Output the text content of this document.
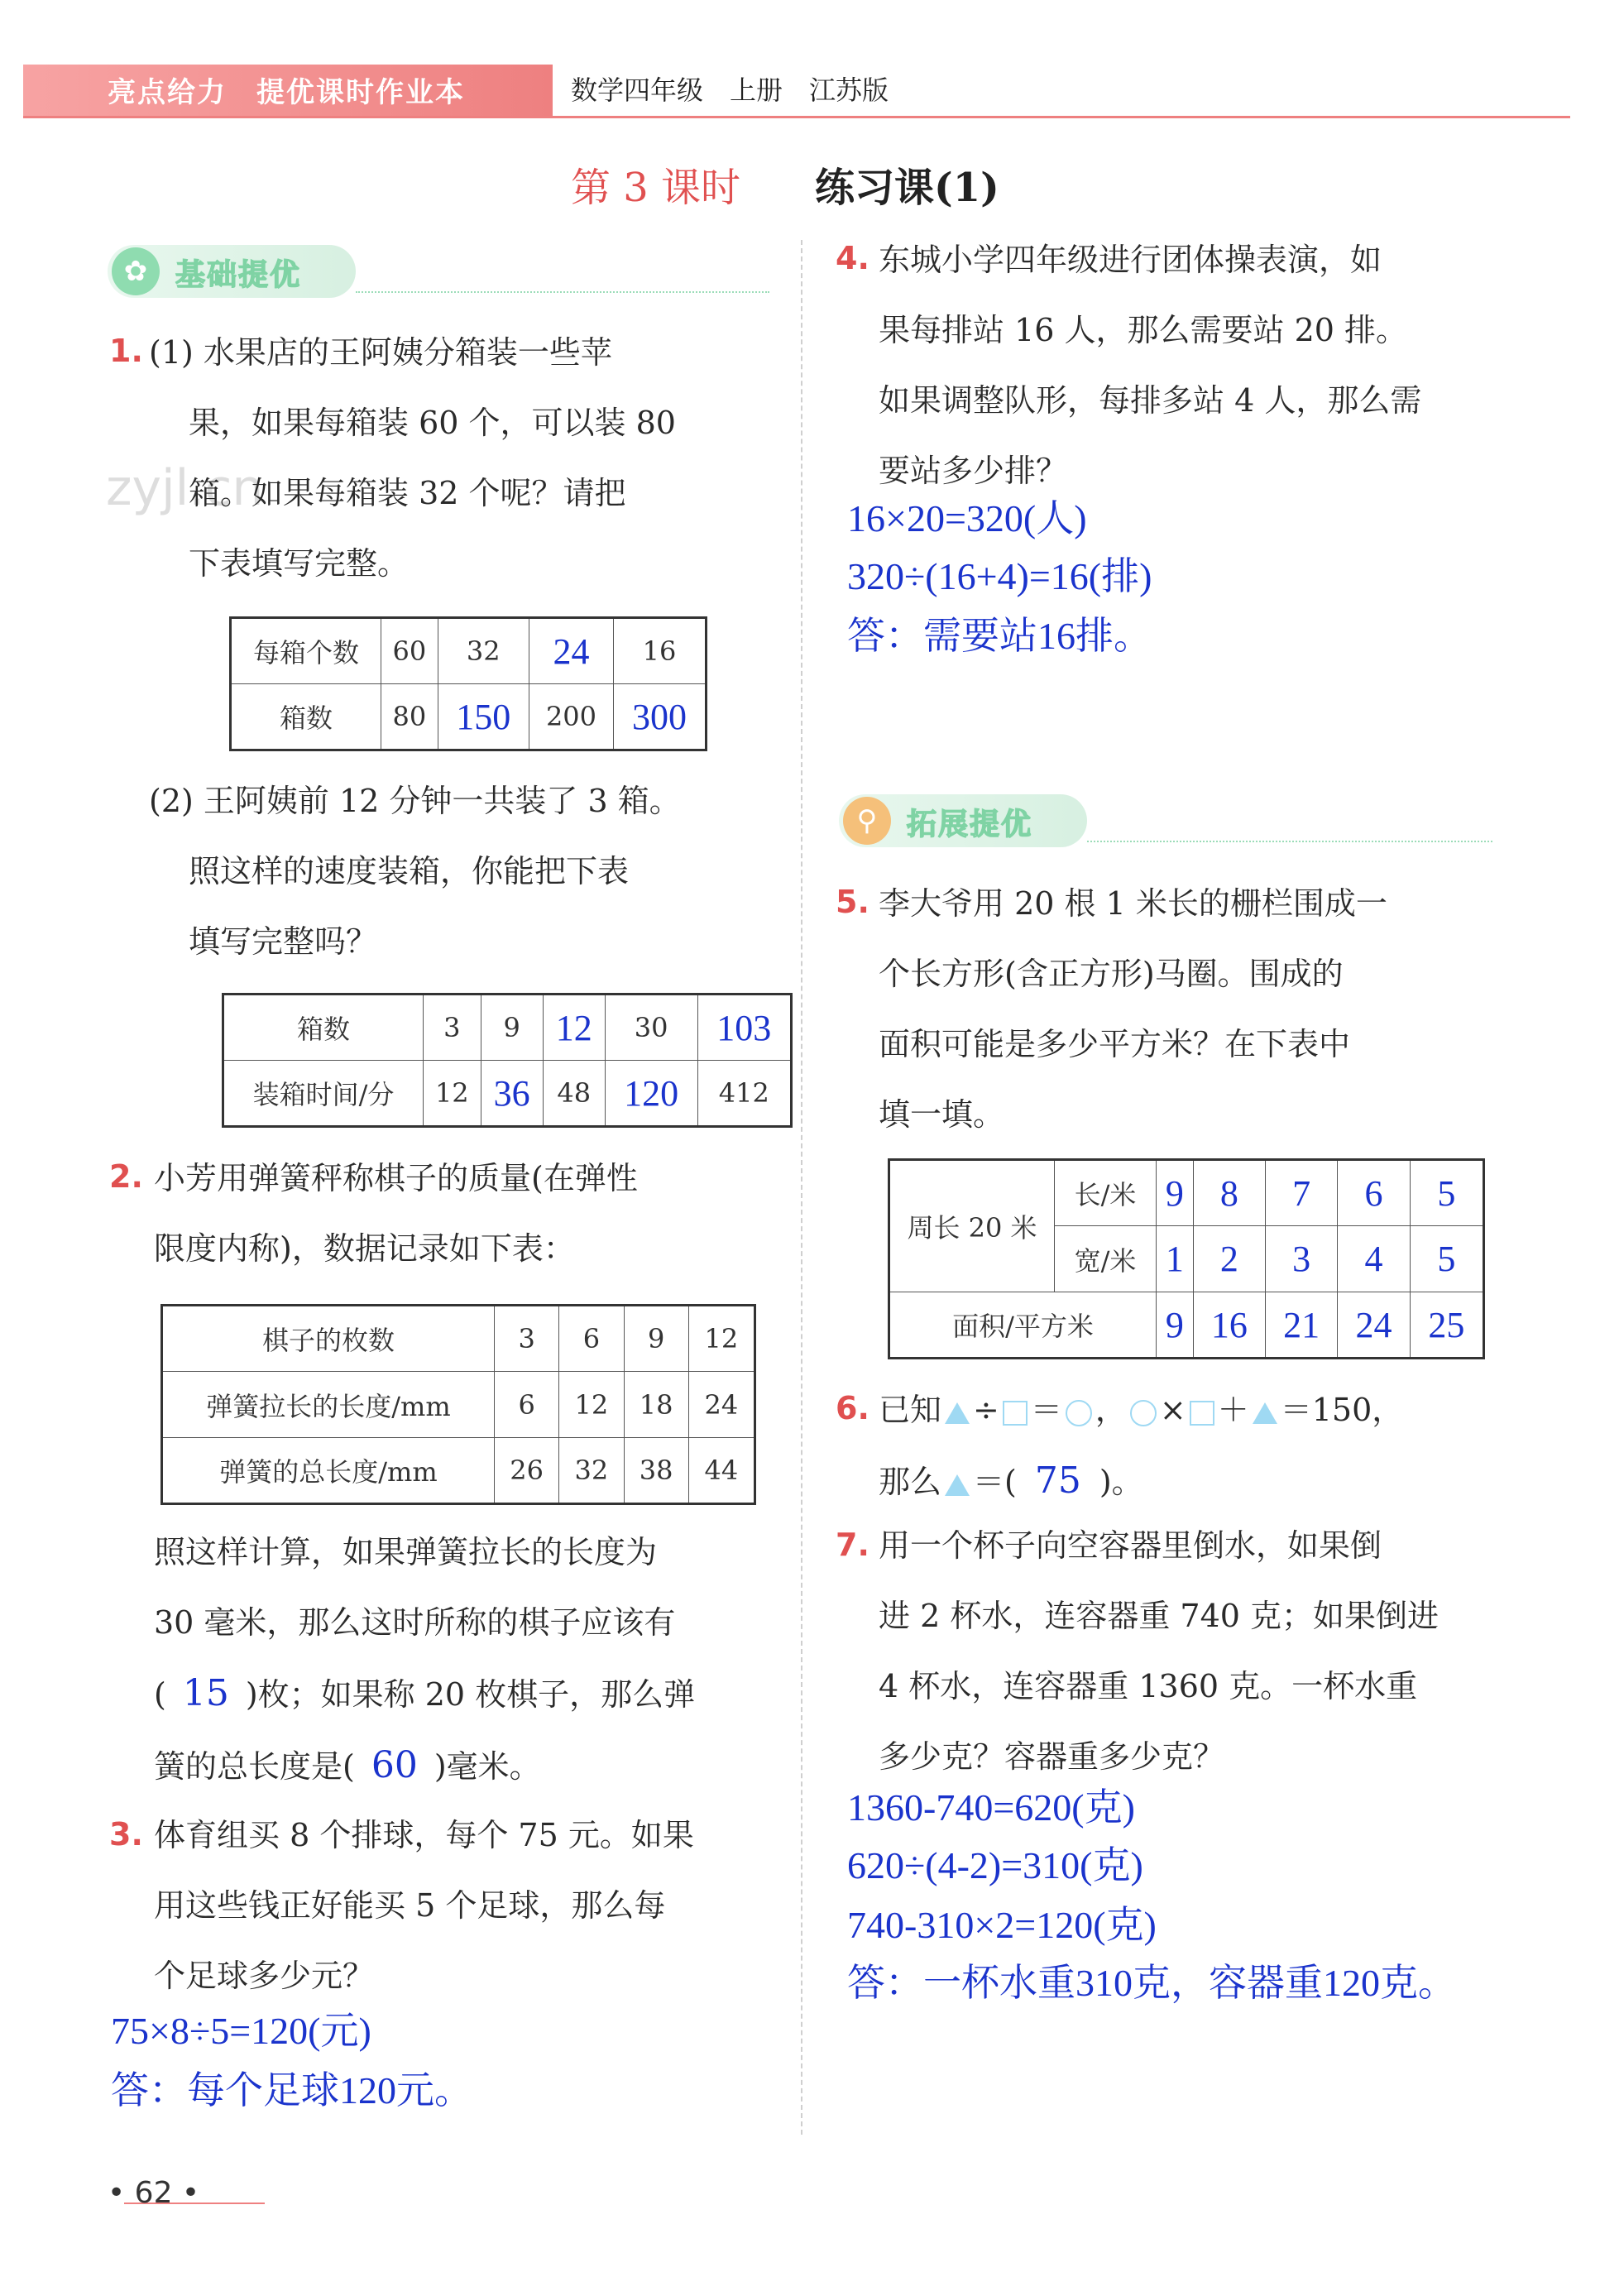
亮点给力　提优课时作业本	数学四年级　上册　江苏版
第 3 课时 练习课(1)
zyjl.cn
✿ 基础提优
1. (1) 水果店的王阿姨分箱装一些苹
果，如果每箱装 60 个，可以装 80
箱。如果每箱装 32 个呢？请把
下表填写完整。
每箱个数	60	32	24	16
箱数	80	150	200	300
(2) 王阿姨前 12 分钟一共装了 3 箱。
照这样的速度装箱，你能把下表
填写完整吗？
箱数	3	9	12	30	103
装箱时间/分	12	36	48	120	412
2. 小芳用弹簧秤称棋子的质量(在弹性
限度内称)，数据记录如下表：
棋子的枚数	3	6	9	12
弹簧拉长的长度/mm	6	12	18	24
弹簧的总长度/mm	26	32	38	44
照这样计算，如果弹簧拉长的长度为
30 毫米，那么这时所称的棋子应该有
( 15 )枚；如果称 20 枚棋子，那么弹
簧的总长度是( 60 )毫米。
3. 体育组买 8 个排球，每个 75 元。如果
用这些钱正好能买 5 个足球，那么每
个足球多少元？
75×8÷5=120(元)
答：每个足球120元。
4. 东城小学四年级进行团体操表演，如
果每排站 16 人，那么需要站 20 排。
如果调整队形，每排多站 4 人，那么需
要站多少排？
16×20=320(人)
320÷(16+4)=16(排)
答：需要站16排。
⚲ 拓展提优
5. 李大爷用 20 根 1 米长的栅栏围成一
个长方形(含正方形)马圈。围成的
面积可能是多少平方米？在下表中
填一填。
周长 20 米	长/米	9	8	7	6	5
	宽/米	1	2	3	4	5
面积/平方米		9	16	21	24	25
6. 已知 ÷ ＝ ， × ＋ ＝150，
那么 ＝( 75 )。
7. 用一个杯子向空容器里倒水，如果倒
进 2 杯水，连容器重 740 克；如果倒进
4 杯水，连容器重 1360 克。一杯水重
多少克？容器重多少克？
1360-740=620(克)
620÷(4-2)=310(克)
740-310×2=120(克)
答：一杯水重310克，容器重120克。
• 62 •
